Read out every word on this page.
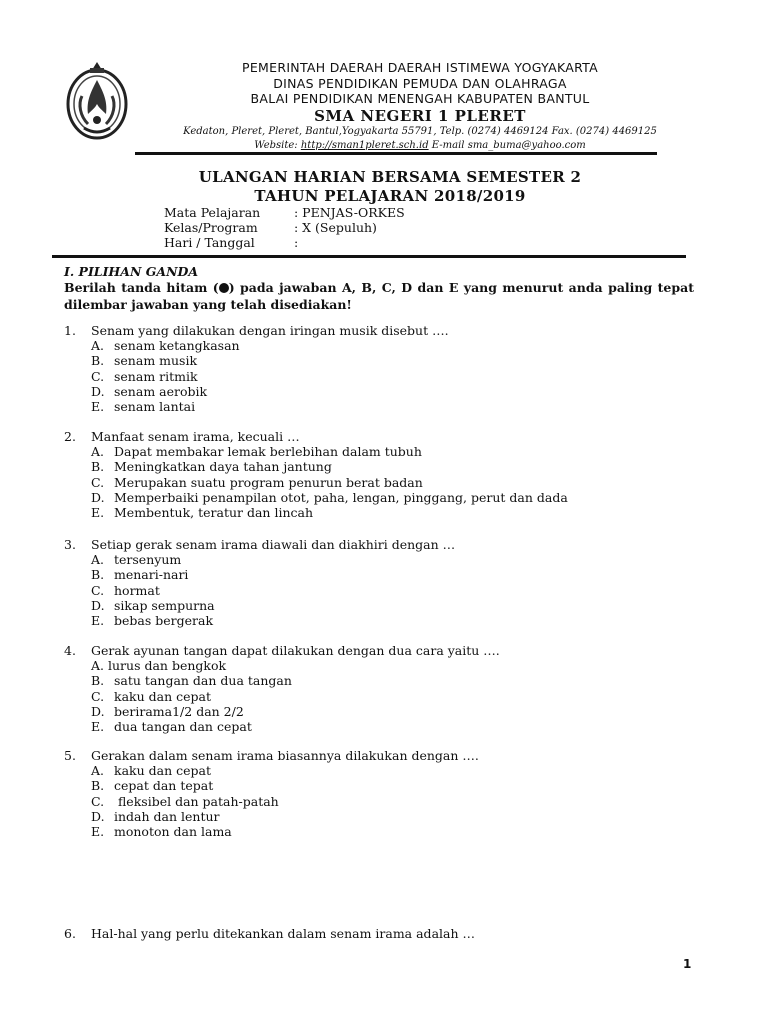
PEMERINTAH DAERAH DAERAH ISTIMEWA YOGYAKARTA
DINAS PENDIDIKAN PEMUDA DAN OLAHRAGA
BALAI PENDIDIKAN MENENGAH KABUPATEN BANTUL
SMA NEGERI 1 PLERET
Kedaton, Pleret, Pleret, Bantul,Yogyakarta 55791, Telp. (0274) 4469124 Fax. (0274) 4469125
Website: http://sman1pleret.sch.id E-mail sma_buma@yahoo.com
ULANGAN HARIAN BERSAMA SEMESTER 2
TAHUN PELAJARAN 2018/2019
Mata Pelajaran	: PENJAS-ORKES
Kelas/Program	: X (Sepuluh)
Hari / Tanggal	:
I. PILIHAN GANDA
Berilah tanda hitam ( ) pada jawaban A, B, C, D dan E yang menurut anda paling tepat dilembar jawaban yang telah disediakan!
1. Senam yang dilakukan dengan iringan musik disebut ….
A. senam ketangkasan
B. senam musik
C. senam ritmik
D. senam aerobik
E. senam lantai
2. Manfaat senam irama, kecuali …
A. Dapat membakar lemak berlebihan dalam tubuh
B. Meningkatkan daya tahan jantung
C. Merupakan suatu program penurun berat badan
D. Memperbaiki penampilan otot, paha, lengan, pinggang, perut dan dada
E. Membentuk, teratur dan lincah
3. Setiap gerak senam irama diawali dan diakhiri dengan …
A. tersenyum
B. menari-nari
C. hormat
D. sikap sempurna
E. bebas bergerak
4. Gerak ayunan tangan dapat dilakukan dengan dua cara yaitu ….
A. lurus dan bengkok
B. satu tangan dan dua tangan
C. kaku dan cepat
D. berirama1/2 dan 2/2
E. dua tangan dan cepat
5. Gerakan dalam senam irama biasannya dilakukan dengan ….
A. kaku dan cepat
B. cepat dan tepat
C. fleksibel dan patah-patah
D. indah dan lentur
E. monoton dan lama
6. Hal-hal yang perlu ditekankan dalam senam irama adalah …
1
